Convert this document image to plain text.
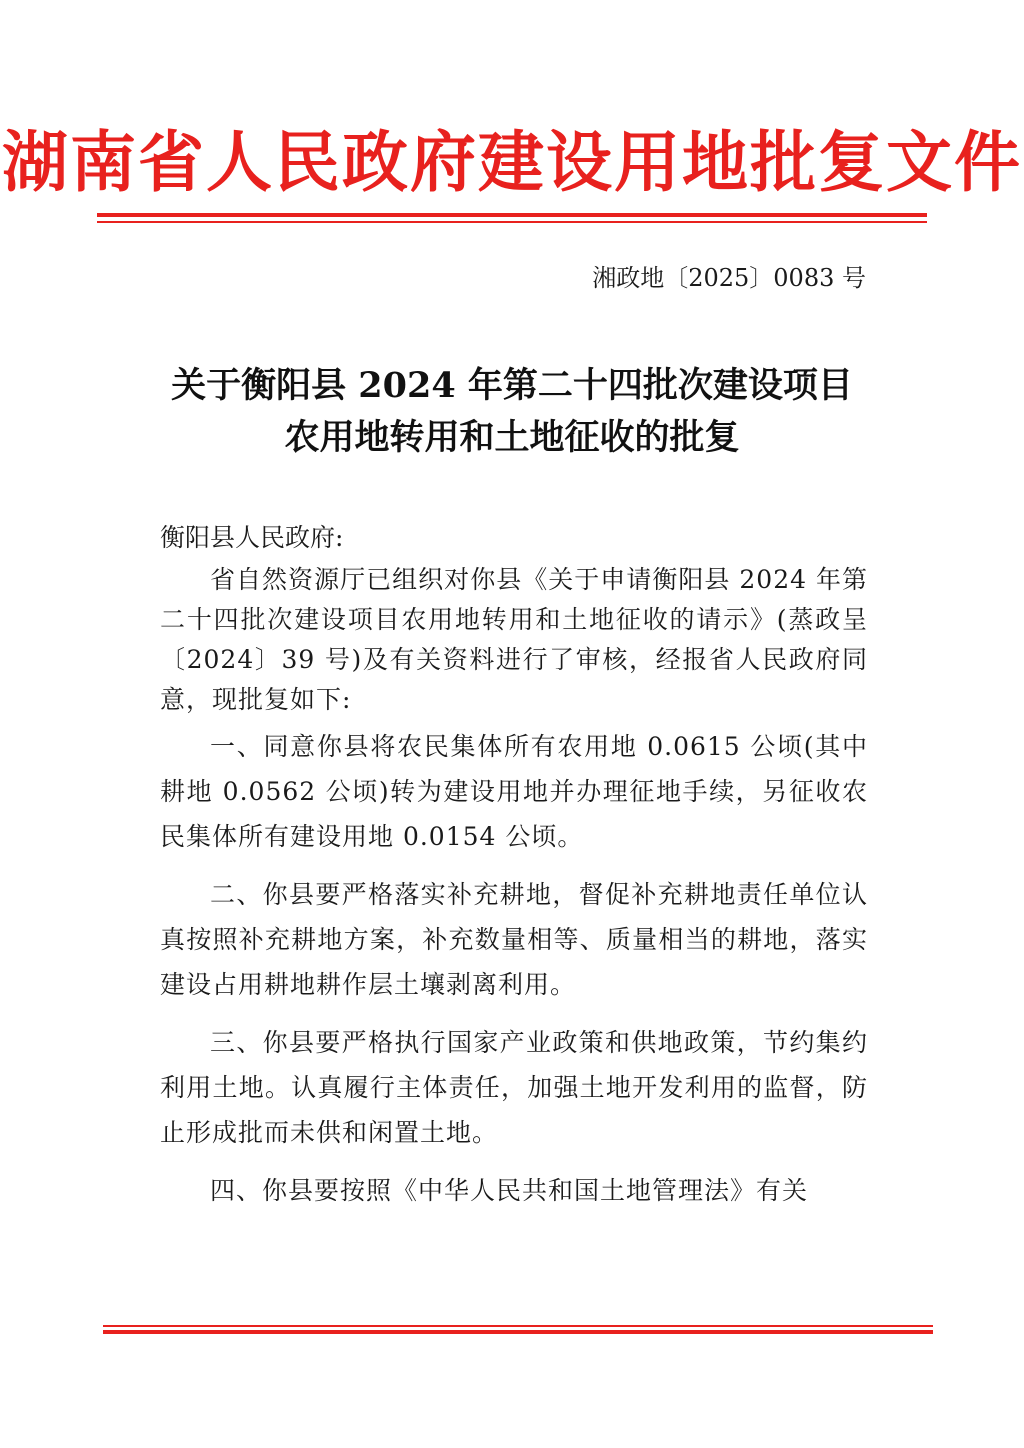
湖南省人民政府建设用地批复文件
湘政地〔2025〕0083 号
关于衡阳县 2024 年第二十四批次建设项目
农用地转用和土地征收的批复
衡阳县人民政府:

省自然资源厅已组织对你县《关于申请衡阳县 2024 年第二十四批次建设项目农用地转用和土地征收的请示》(蒸政呈〔2024〕39 号)及有关资料进行了审核，经报省人民政府同意，现批复如下:

一、同意你县将农民集体所有农用地 0.0615 公顷(其中耕地 0.0562 公顷)转为建设用地并办理征地手续，另征收农民集体所有建设用地 0.0154 公顷。

二、你县要严格落实补充耕地，督促补充耕地责任单位认真按照补充耕地方案，补充数量相等、质量相当的耕地，落实建设占用耕地耕作层土壤剥离利用。

三、你县要严格执行国家产业政策和供地政策，节约集约利用土地。认真履行主体责任，加强土地开发利用的监督，防止形成批而未供和闲置土地。

四、你县要按照《中华人民共和国土地管理法》有关
